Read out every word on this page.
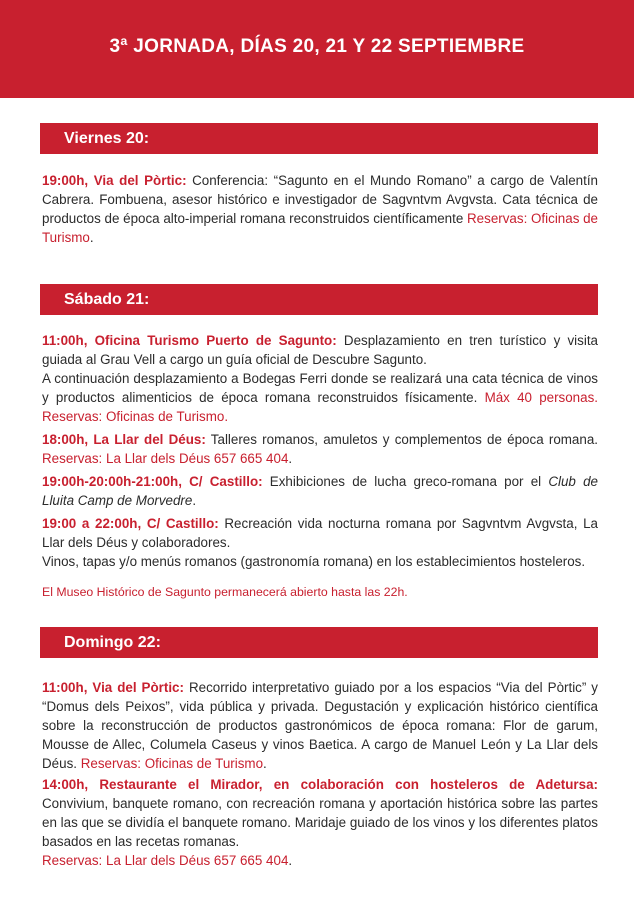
3ª JORNADA, DÍAS 20, 21 Y 22 SEPTIEMBRE
Viernes 20:

19:00h, Via del Pòrtic: Conferencia: “Sagunto en el Mundo Romano” a cargo de Valentín Cabrera. Fombuena, asesor histórico e investigador de Sagvntvm Avgvsta. Cata técnica de productos de época alto-imperial romana reconstruidos científicamente Reservas: Oficinas de Turismo.

Sábado 21:

11:00h, Oficina Turismo Puerto de Sagunto: Desplazamiento en tren turístico y visita guiada al Grau Vell a cargo un guía oficial de Descubre Sagunto.

A continuación desplazamiento a Bodegas Ferri donde se realizará una cata técnica de vinos y productos alimenticios de época romana reconstruidos físicamente. Máx 40 personas. Reservas: Oficinas de Turismo.

18:00h, La Llar del Déus: Talleres romanos, amuletos y complementos de época romana. Reservas: La Llar dels Déus 657 665 404.

19:00h-20:00h-21:00h, C/ Castillo: Exhibiciones de lucha greco-romana por el Club de Lluita Camp de Morvedre.

19:00 a 22:00h, C/ Castillo: Recreación vida nocturna romana por Sagvntvm Avgvsta, La Llar dels Déus y colaboradores.

Vinos, tapas y/o menús romanos (gastronomía romana) en los establecimientos hosteleros.

El Museo Histórico de Sagunto permanecerá abierto hasta las 22h.

Domingo 22:

11:00h, Via del Pòrtic: Recorrido interpretativo guiado por a los espacios “Via del Pòrtic” y “Domus dels Peixos”, vida pública y privada. Degustación y explicación histórico científica sobre la reconstrucción de productos gastronómicos de época romana: Flor de garum, Mousse de Allec, Columela Caseus y vinos Baetica. A cargo de Manuel León y La Llar dels Déus. Reservas: Oficinas de Turismo.

14:00h, Restaurante el Mirador, en colaboración con hosteleros de Adetursa: Convivium, banquete romano, con recreación romana y aportación histórica sobre las partes en las que se dividía el banquete romano. Maridaje guiado de los vinos y los diferentes platos basados en las recetas romanas.

Reservas: La Llar dels Déus 657 665 404.
